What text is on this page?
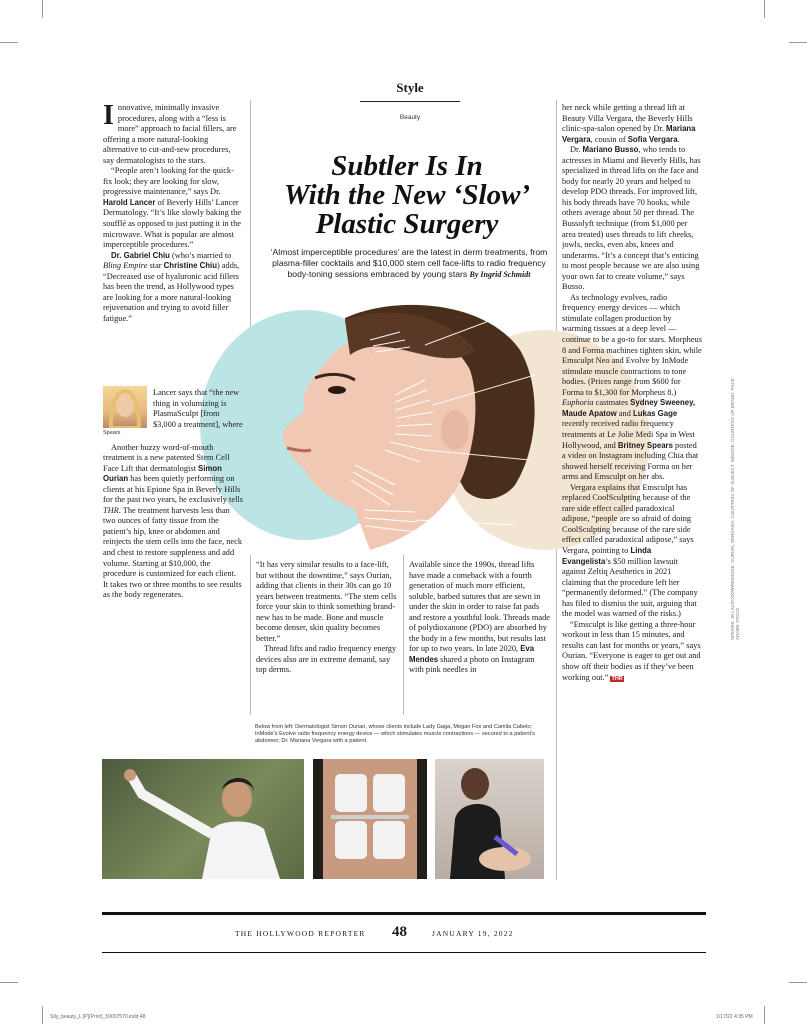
Style
Beauty
Subtler Is In
With the New ‘Slow’
Plastic Surgery
‘Almost imperceptible procedures’ are the latest in derm treatments, from plasma-filler cocktails and $10,000 stem cell face-lifts to radio frequency body-toning sessions embraced by young stars By Ingrid Schmidt

I nnovative, minimally invasive procedures, along with a “less is more” approach to facial fillers, are offering a more natural-looking alternative to cut-and-sew procedures, say dermatologists to the stars.

“People aren’t looking for the quick-fix look; they are looking for slow, progressive maintenance,” says Dr. Harold Lancer of Beverly Hills’ Lancer Dermatology. “It’s like slowly baking the soufflé as opposed to just putting it in the microwave. What is popular are almost imperceptible procedures.”

Dr. Gabriel Chiu (who’s married to Bling Empire star Christine Chiu) adds, “Decreased use of hyaluronic acid fillers has been the trend, as Hollywood types are looking for a more natural-looking rejuvenation and trying to avoid filler fatigue.”

Spears

Lancer says that “the new thing in volumizing is PlasmaSculpt [from $3,000 a treatment], where

Another buzzy word-of-mouth treatment is a new patented Stem Cell Face Lift that dermatologist Simon Ourian has been quietly performing on clients at his Epione Spa in Beverly Hills for the past two years, he exclusively tells THR. The treatment harvests less than two ounces of fatty tissue from the patient’s hip, knee or abdomen and reinjects the stem cells into the face, neck and chest to restore suppleness and add volume. Starting at $10,000, the procedure is customized for each client. It takes two or three months to see results as the body regenerates.

“It has very similar results to a face-lift, but without the downtime,” says Ourian, adding that clients in their 30s can go 10 years between treatments. “The stem cells force your skin to think something brand-new has to be made. Bone and muscle become denser, skin quality becomes better.”

Thread lifts and radio frequency energy devices also are in extreme demand, say top derms.

Available since the 1990s, thread lifts have made a comeback with a fourth generation of much more efficient, soluble, barbed sutures that are sewn in under the skin in order to raise fat pads and restore a youthful look. Threads made of polydioxanone (PDO) are absorbed by the body in a few months, but results last for up to two years. In late 2020, Eva Mendes shared a photo on Instagram with pink needles in

her neck while getting a thread lift at Beauty Villa Vergara, the Beverly Hills clinic-spa-salon opened by Dr. Mariana Vergara, cousin of Sofia Vergara.

Dr. Mariano Busso, who tends to actresses in Miami and Beverly Hills, has specialized in thread lifts on the face and body for nearly 20 years and helped to develop PDO threads. For improved lift, his body threads have 70 hooks, while others average about 50 per thread. The Bussolyft technique (from $1,000 per area treated) uses threads to lift cheeks, jowls, necks, even abs, knees and underarms. “It’s a concept that’s enticing to most people because we are also using your own fat to create volume,” says Busso.

As technology evolves, radio frequency energy devices — which stimulate collagen production by warming tissues at a deep level — continue to be a go-to for stars. Morpheus 8 and Forma machines tighten skin, while Emsculpt Neo and Evolve by InMode stimulate muscle contractions to tone bodies. (Prices range from $600 for Forma to $1,300 for Morpheus 8.) Euphoria castmates Sydney Sweeney, Maude Apatow and Lukas Gage recently received radio frequency treatments at Le Jolie Medi Spa in West Hollywood, and Britney Spears posted a video on Instagram including Chia that showed herself receiving Forma on her arms and Emsculpt on her abs.

Vergara explains that Emsculpt has replaced CoolSculpting because of the rare side effect called paradoxical adipose, “people are so afraid of doing CoolSculpting because of the rare side effect called paradoxical adipose,” says Vergara, pointing to Linda Evangelista’s $50 million lawsuit against Zeltiq Aesthetics in 2021 claiming that the procedure left her “permanently deformed.” (The company has filed to dismiss the suit, arguing that the model was warned of the risks.)

“Emsculpt is like getting a three-hour workout in less than 15 minutes, and results can last for months or years,” says Ourian. “Everyone is eager to get out and show off their bodies as if they’ve been working out.” THR

Below from left: Dermatologist Simon Ourian, whose clients include Lady Gaga, Megan Fox and Camila Cabelo; InMode’s Evolve radio frequency energy device — which stimulates muscle contractions — secured to a patient’s abdomen; Dr. Mariana Vergara with a patient.
THE HOLLYWOOD REPORTER 48	JANUARY 19, 2022
SPEARS: JB LACROIX/WIREIMAGE. OURIAN, VERGARA: COURTESY OF SUBJECT. INMODE: COURTESY OF BRAND. FACE: ADOBE STOCK
Stly_beauty_L [P](Print)_59007570.indd 48	1/17/22 4:35 PM
